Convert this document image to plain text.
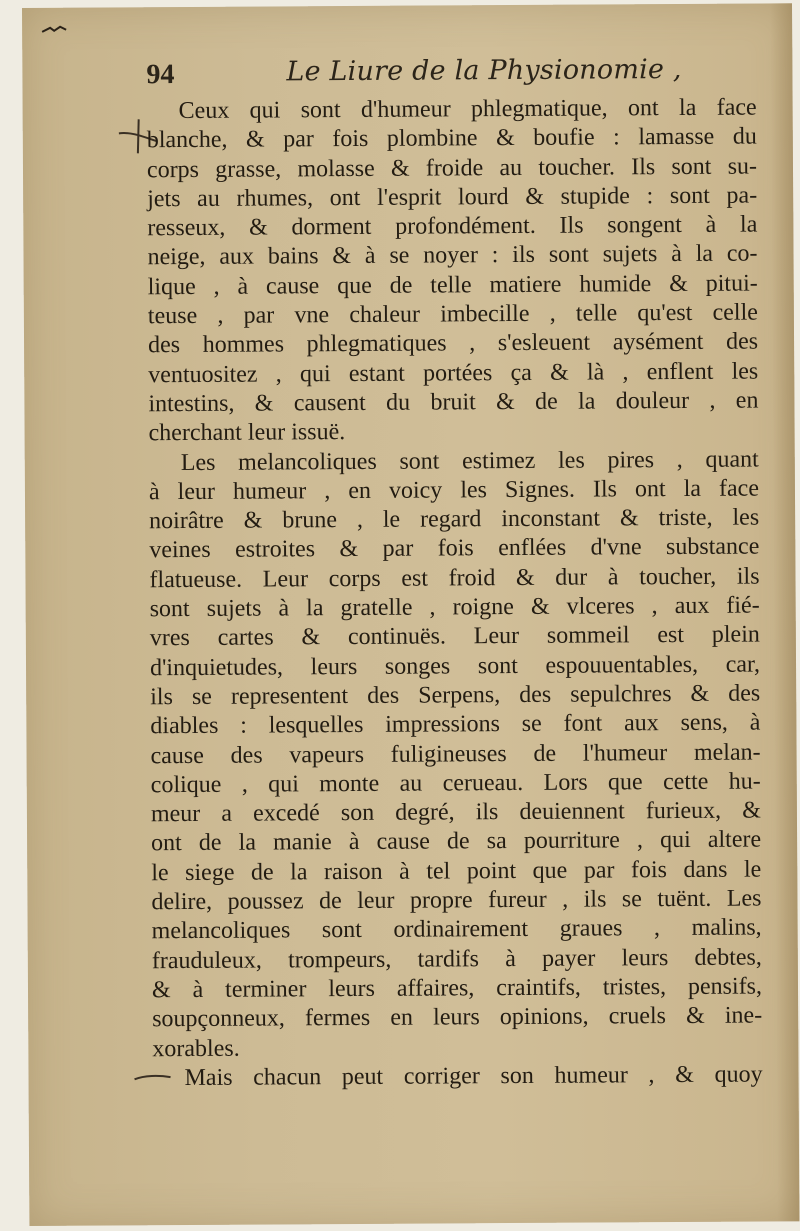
94	Le Liure de la Physionomie ,
Ceux qui sont d'humeur phlegmatique, ont la face
blanche, & par fois plombine & boufie : lamasse du
corps grasse, molasse & froide au toucher. Ils sont su-
jets au rhumes, ont l'esprit lourd & stupide : sont pa-
resseux, & dorment profondément. Ils songent à la
neige, aux bains & à se noyer : ils sont sujets à la co-
lique , à cause que de telle matiere humide & pitui-
teuse , par vne chaleur imbecille , telle qu'est celle
des hommes phlegmatiques , s'esleuent aysément des
ventuositez , qui estant portées ça & là , enflent les
intestins, & causent du bruit & de la douleur , en
cherchant leur issuë.
Les melancoliques sont estimez les pires , quant
à leur humeur , en voicy les Signes. Ils ont la face
noirâtre & brune , le regard inconstant & triste, les
veines estroites & par fois enflées d'vne substance
flatueuse. Leur corps est froid & dur à toucher, ils
sont sujets à la gratelle , roigne & vlceres , aux fié-
vres cartes & continuës. Leur sommeil est plein
d'inquietudes, leurs songes sont espouuentables, car,
ils se representent des Serpens, des sepulchres & des
diables : lesquelles impressions se font aux sens, à
cause des vapeurs fuligineuses de l'humeur melan-
colique , qui monte au cerueau. Lors que cette hu-
meur a excedé son degré, ils deuiennent furieux, &
ont de la manie à cause de sa pourriture , qui altere
le siege de la raison à tel point que par fois dans le
delire, poussez de leur propre fureur , ils se tuënt. Les
melancoliques sont ordinairement graues , malins,
frauduleux, trompeurs, tardifs à payer leurs debtes,
& à terminer leurs affaires, craintifs, tristes, pensifs,
soupçonneux, fermes en leurs opinions, cruels & ine-
xorables.
Mais chacun peut corriger son humeur , & quoy
